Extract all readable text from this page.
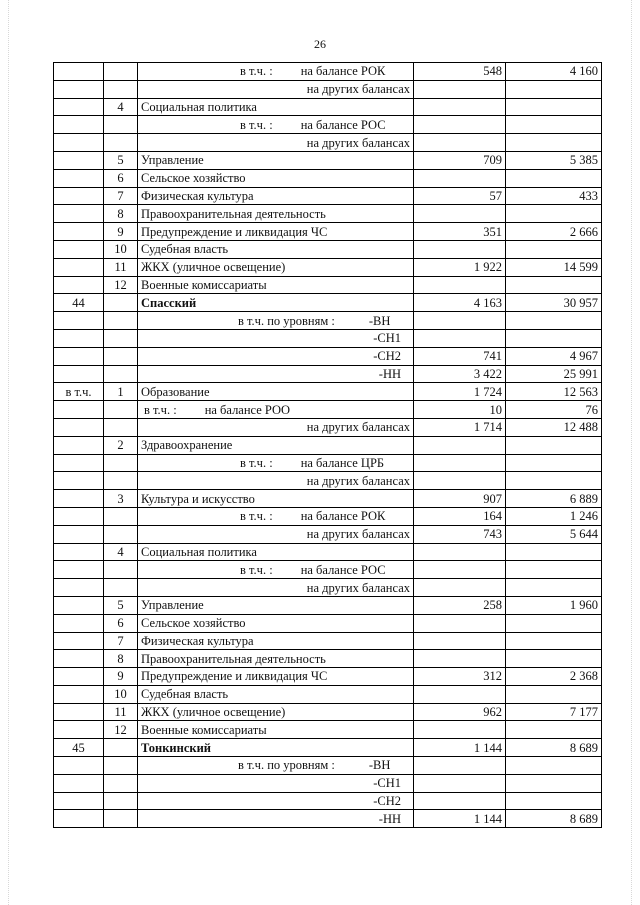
26
		в т.ч. : на балансе РОК	548	4 160
		на других балансах		
	4	Социальная политика		
		в т.ч. : на балансе РОС		
		на других балансах		
	5	Управление	709	5 385
	6	Сельское хозяйство		
	7	Физическая культура	57	433
	8	Правоохранительная деятельность		
	9	Предупреждение и ликвидация ЧС	351	2 666
	10	Судебная власть		
	11	ЖКХ (уличное освещение)	1 922	14 599
	12	Военные комиссариаты		
44		Спасский	4 163	30 957
		в т.ч. по уровням : -ВН		
		-СН1		
		-СН2	741	4 967
		-НН	3 422	25 991
в т.ч.	1	Образование	1 724	12 563
		в т.ч. : на балансе РОО	10	76
		на других балансах	1 714	12 488
	2	Здравоохранение		
		в т.ч. : на балансе ЦРБ		
		на других балансах		
	3	Культура и искусство	907	6 889
		в т.ч. : на балансе РОК	164	1 246
		на других балансах	743	5 644
	4	Социальная политика		
		в т.ч. : на балансе РОС		
		на других балансах		
	5	Управление	258	1 960
	6	Сельское хозяйство		
	7	Физическая культура		
	8	Правоохранительная деятельность		
	9	Предупреждение и ликвидация ЧС	312	2 368
	10	Судебная власть		
	11	ЖКХ (уличное освещение)	962	7 177
	12	Военные комиссариаты		
45		Тонкинский	1 144	8 689
		в т.ч. по уровням : -ВН		
		-СН1		
		-СН2		
		-НН	1 144	8 689
